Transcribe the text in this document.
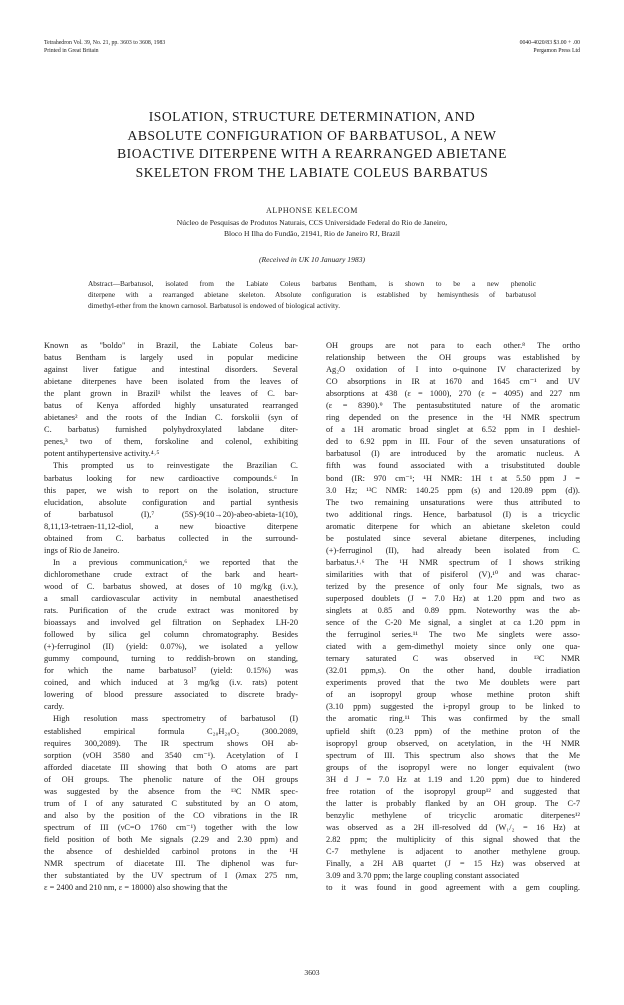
Tetrahedron Vol. 39, No. 21, pp. 3603 to 3608, 1983
Printed in Great Britain
0040-4020/83 $3.00 + .00
Pergamon Press Ltd
ISOLATION, STRUCTURE DETERMINATION, AND
ABSOLUTE CONFIGURATION OF BARBATUSOL, A NEW
BIOACTIVE DITERPENE WITH A REARRANGED ABIETANE
SKELETON FROM THE LABIATE COLEUS BARBATUS
ALPHONSE KELECOM
Núcleo de Pesquisas de Produtos Naturais, CCS Universidade Federal do Rio de Janeiro,
Bloco H Ilha do Fundão, 21941, Rio de Janeiro RJ, Brazil
(Received in UK 10 January 1983)
Abstract—Barbatusol, isolated from the Labiate Coleus barbatus Bentham, is shown to be a new phenolic
diterpene with a rearranged abietane skeleton. Absolute configuration is established by hemisynthesis of barbatusol
dimethyl-ether from the known carnosol. Barbatusol is endowed of biological activity.
Known as "boldo" in Brazil, the Labiate Coleus bar-
batus Bentham is largely used in popular medicine
against liver fatigue and intestinal disorders. Several
abietane diterpenes have been isolated from the leaves of
the plant grown in Brazil¹ whilst the leaves of C. bar-
batus of Kenya afforded highly unsaturated rearranged
abietanes² and the roots of the Indian C. forskolii (syn of
C. barbatus) furnished polyhydroxylated labdane diter-
penes,³ two of them, forskoline and colenol, exhibiting
potent antihypertensive activity.⁴˒⁵
This prompted us to reinvestigate the Brazilian C.
barbatus looking for new cardioactive compounds.⁶ In
this paper, we wish to report on the isolation, structure
elucidation, absolute configuration and partial synthesis
of barbatusol (I),⁷ (5S)-9(10→20)-abeo-abieta-1(10),
8,11,13-tetraen-11,12-diol, a new bioactive diterpene
obtained from C. barbatus collected in the surround-
ings of Rio de Janeiro.
In a previous communication,⁶ we reported that the
dichloromethane crude extract of the bark and heart-
wood of C. barbatus showed, at doses of 10 mg/kg (i.v.),
a small cardiovascular activity in nembutal anaesthetised
rats. Purification of the crude extract was monitored by
bioassays and involved gel filtration on Sephadex LH-20
followed by silica gel column chromatography. Besides
(+)-ferruginol (II) (yield: 0.07%), we isolated a yellow
gummy compound, turning to reddish-brown on standing,
for which the name barbatusol⁷ (yield: 0.15%) was
coined, and which induced at 3 mg/kg (i.v. rats) potent
lowering of blood pressure associated to discrete brady-
cardy.
High resolution mass spectrometry of barbatusol (I)
established empirical formula C₂₀H₂₈O₂ (300.2089,
requires 300,2089). The IR spectrum shows OH ab-
sorption (νOH 3580 and 3540 cm⁻¹). Acetylation of I
afforded diacetate III showing that both O atoms are part
of OH groups. The phenolic nature of the OH groups
was suggested by the absence from the ¹³C NMR spec-
trum of I of any saturated C substituted by an O atom,
and also by the position of the CO vibrations in the IR
spectrum of III (νC=O 1760 cm⁻¹) together with the low
field position of both Me signals (2.29 and 2.30 ppm) and
the absence of deshielded carbinol protons in the ¹H
NMR spectrum of diacetate III. The diphenol was fur-
ther substantiated by the UV spectrum of I (λmax 275 nm,
ε = 2400 and 210 nm, ε = 18000) also showing that the
OH groups are not para to each other.⁸ The ortho
relationship between the OH groups was established by
Ag₂O oxidation of I into o-quinone IV characterized by
CO absorptions in IR at 1670 and 1645 cm⁻¹ and UV
absorptions at 438 (ε = 1000), 270 (ε = 4095) and 227 nm
(ε = 8390).⁹ The pentasubstituted nature of the aromatic
ring depended on the presence in the ¹H NMR spectrum
of a 1H aromatic broad singlet at 6.52 ppm in I deshiel-
ded to 6.92 ppm in III. Four of the seven unsaturations of
barbatusol (I) are introduced by the aromatic nucleus. A
fifth was found associated with a trisubstituted double
bond (IR: 970 cm⁻¹; ¹H NMR: 1H t at 5.50 ppm J =
3.0 Hz; ¹³C NMR: 140.25 ppm (s) and 120.89 ppm (d)).
The two remaining unsaturations were thus attributed to
two additional rings. Hence, barbatusol (I) is a tricyclic
aromatic diterpene for which an abietane skeleton could
be postulated since several abietane diterpenes, including
(+)-ferruginol (II), had already been isolated from C.
barbatus.¹˒⁶ The ¹H NMR spectrum of I shows striking
similarities with that of pisiferol (V),¹⁰ and was charac-
terized by the presence of only four Me signals, two as
superposed doublets (J = 7.0 Hz) at 1.20 ppm and two as
singlets at 0.85 and 0.89 ppm. Noteworthy was the ab-
sence of the C-20 Me signal, a singlet at ca 1.20 ppm in
the ferruginol series.¹¹ The two Me singlets were asso-
ciated with a gem-dimethyl moiety since only one qua-
ternary saturated C was observed in ¹³C NMR
(32.01 ppm,s). On the other hand, double irradiation
experiments proved that the two Me doublets were part
of an isopropyl group whose methine proton shift
(3.10 ppm) suggested the i-propyl group to be linked to
the aromatic ring.¹¹ This was confirmed by the small
upfield shift (0.23 ppm) of the methine proton of the
isopropyl group observed, on acetylation, in the ¹H NMR
spectrum of III. This spectrum also shows that the Me
groups of the isopropyl were no longer equivalent (two
3H d J = 7.0 Hz at 1.19 and 1.20 ppm) due to hindered
free rotation of the isopropyl group¹² and suggested that
the latter is probably flanked by an OH group. The C-7
benzylic methylene of tricyclic aromatic diterpenes¹²
was observed as a 2H ill-resolved dd (W₁/₂ = 16 Hz) at
2.82 ppm; the multiplicity of this signal showed that the
C-7 methylene is adjacent to another methylene group.
Finally, a 2H AB quartet (J = 15 Hz) was observed at
3.09 and 3.70 ppm; the large coupling constant associated
to it was found in good agreement with a gem coupling.
3603
